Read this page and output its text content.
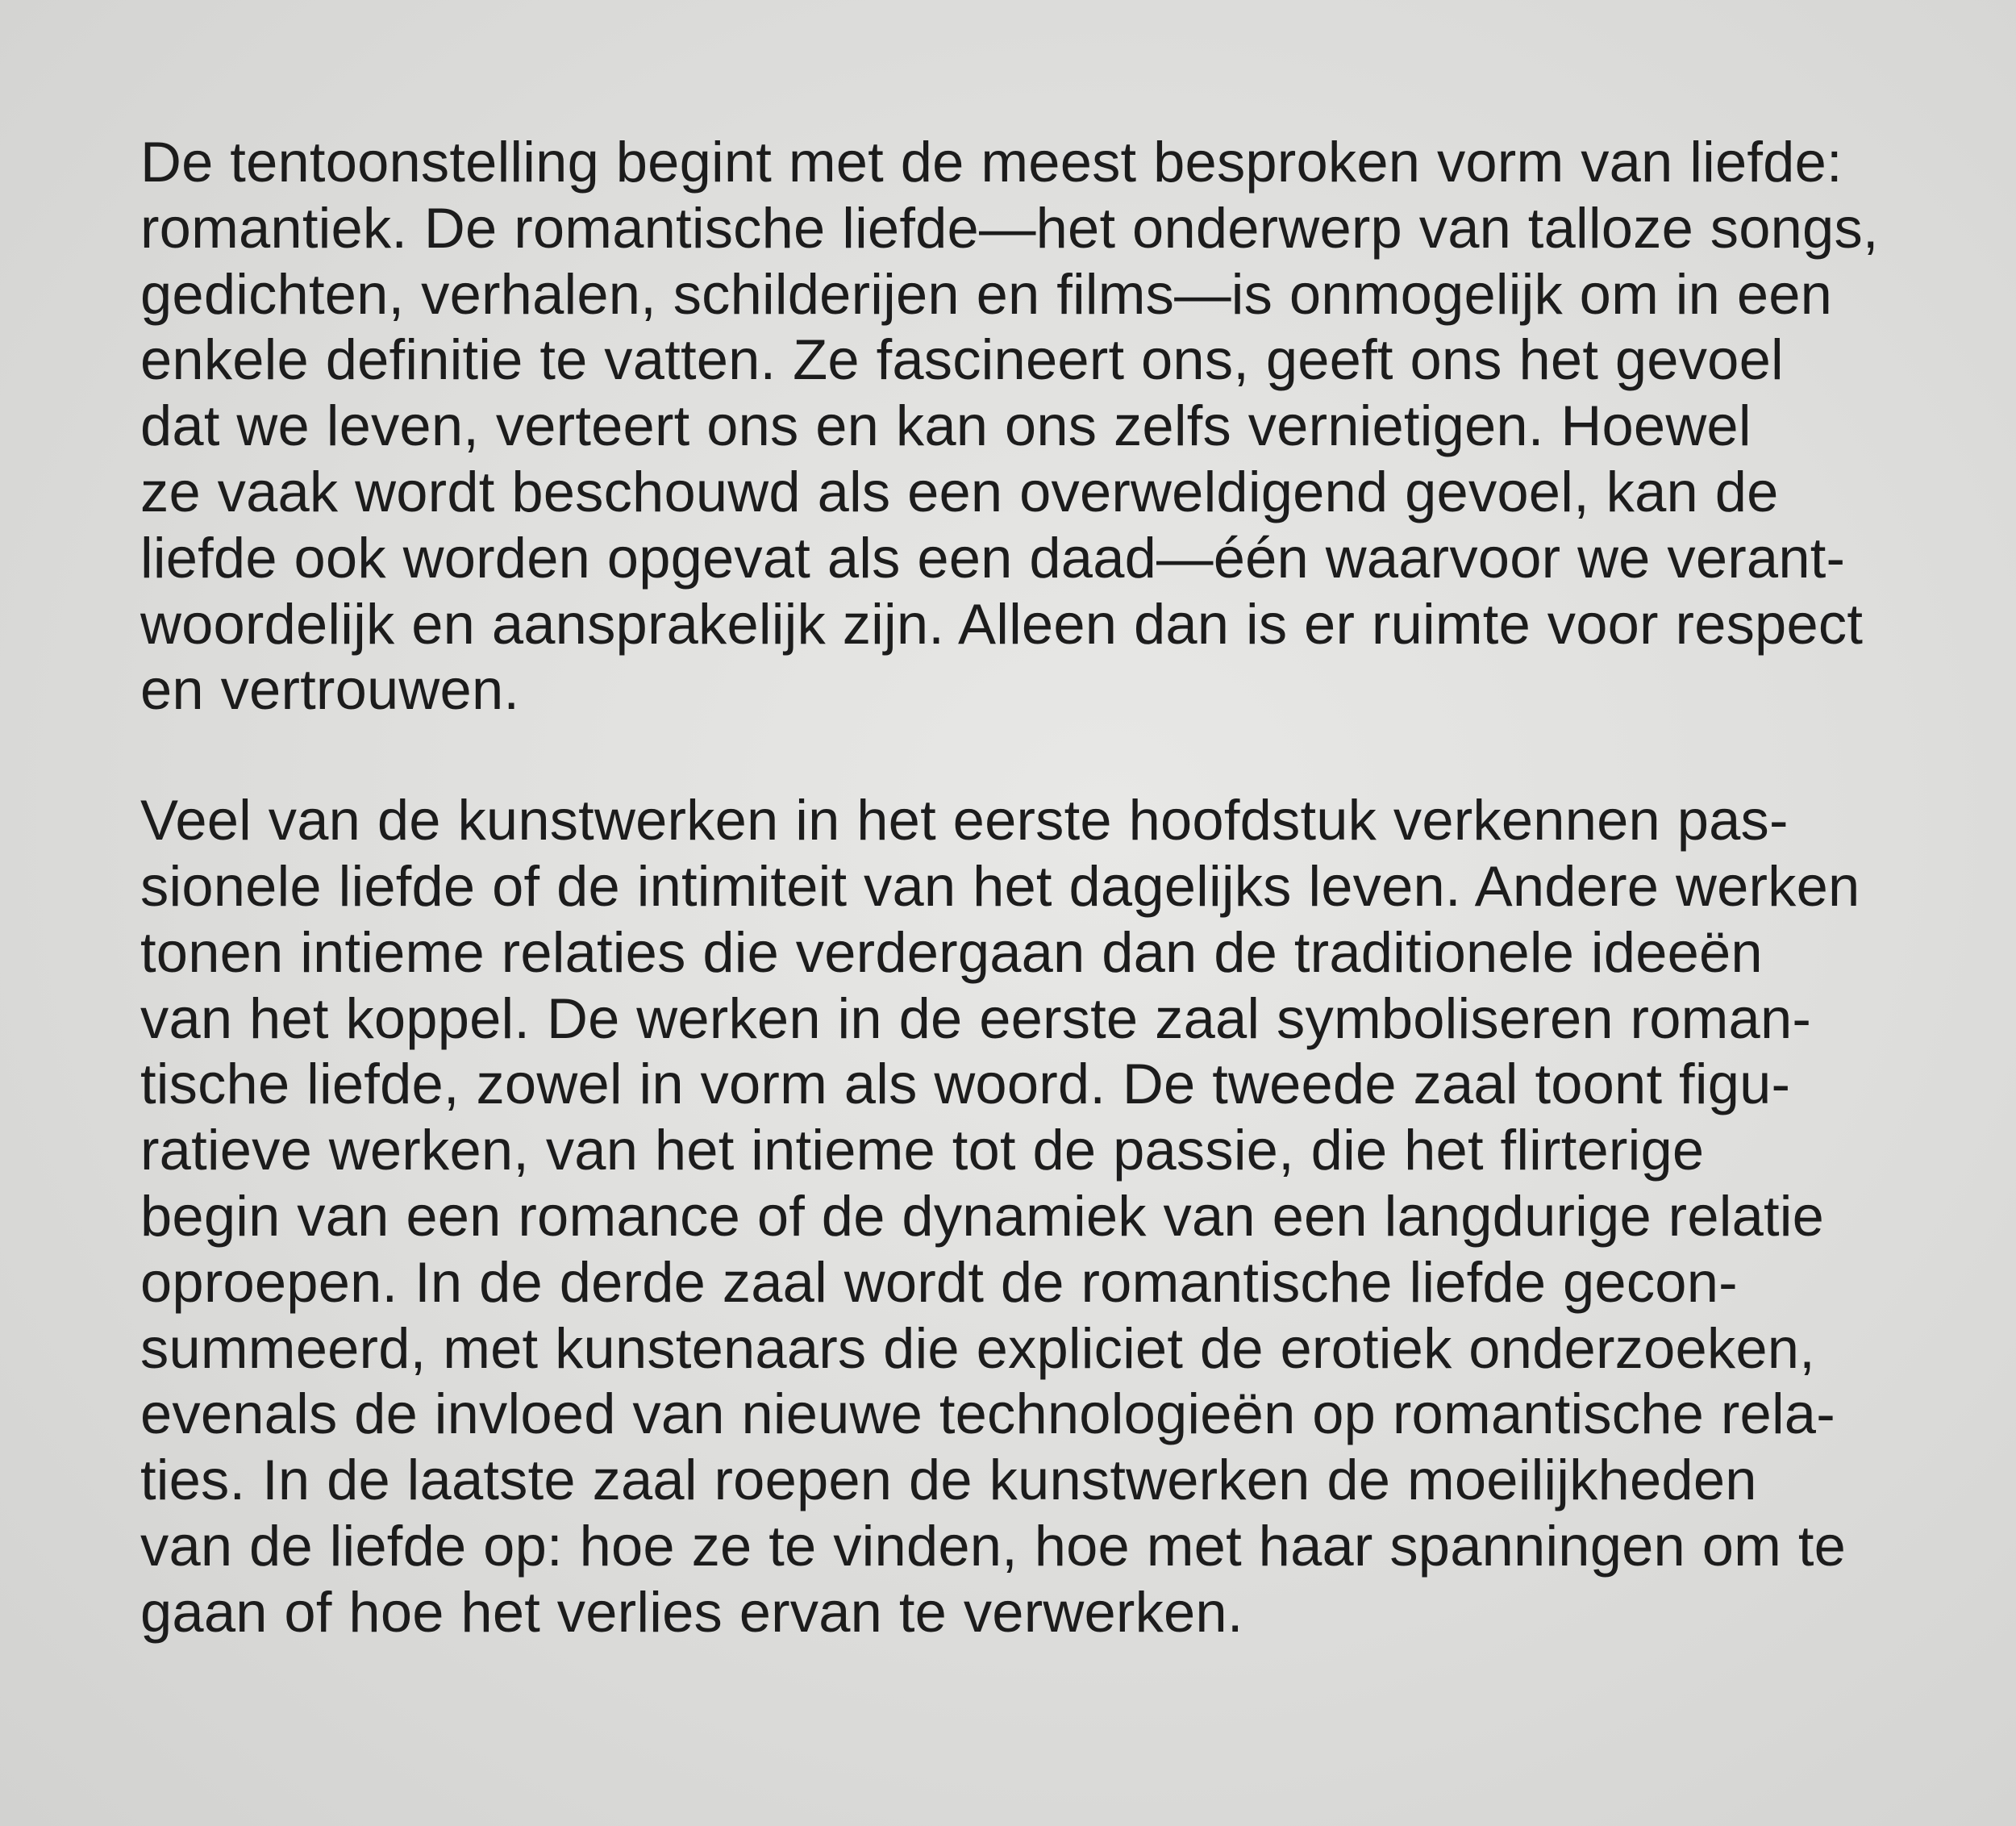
De tentoonstelling begint met de meest besproken vorm van liefde:
romantiek. De romantische liefde—het onderwerp van talloze songs,
gedichten, verhalen, schilderijen en films—is onmogelijk om in een
enkele definitie te vatten. Ze fascineert ons, geeft ons het gevoel
dat we leven, verteert ons en kan ons zelfs vernietigen. Hoewel
ze vaak wordt beschouwd als een overweldigend gevoel, kan de
liefde ook worden opgevat als een daad—één waarvoor we verant-
woordelijk en aansprakelijk zijn. Alleen dan is er ruimte voor respect
en vertrouwen.

Veel van de kunstwerken in het eerste hoofdstuk verkennen pas-
sionele liefde of de intimiteit van het dagelijks leven. Andere werken
tonen intieme relaties die verdergaan dan de traditionele ideeën
van het koppel. De werken in de eerste zaal symboliseren roman-
tische liefde, zowel in vorm als woord. De tweede zaal toont figu-
ratieve werken, van het intieme tot de passie, die het flirterige
begin van een romance of de dynamiek van een langdurige relatie
oproepen. In de derde zaal wordt de romantische liefde gecon-
summeerd, met kunstenaars die expliciet de erotiek onderzoeken,
evenals de invloed van nieuwe technologieën op romantische rela-
ties. In de laatste zaal roepen de kunstwerken de moeilijkheden
van de liefde op: hoe ze te vinden, hoe met haar spanningen om te
gaan of hoe het verlies ervan te verwerken.
